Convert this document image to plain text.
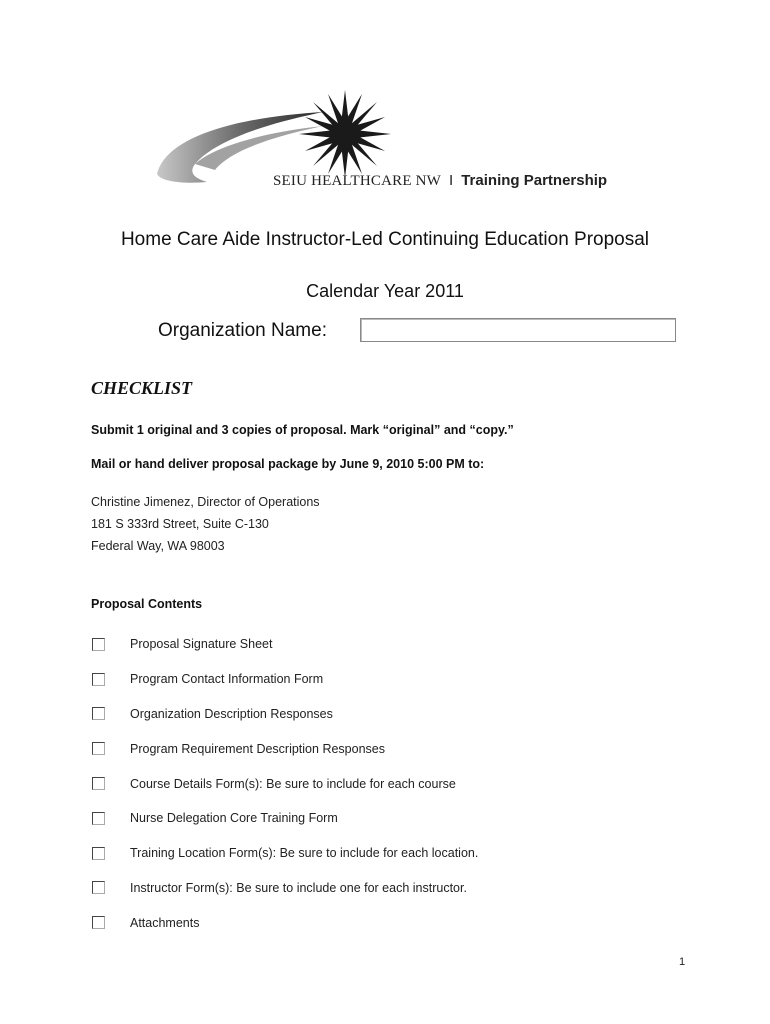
SEIU HEALTHCARE NW I Training Partnership
Home Care Aide Instructor-Led Continuing Education Proposal
Calendar Year 2011
Organization Name:
CHECKLIST
Submit 1 original and 3 copies of proposal. Mark “original” and “copy.”
Mail or hand deliver proposal package by June 9, 2010 5:00 PM to:
Christine Jimenez, Director of Operations
181 S 333rd Street, Suite C-130
Federal Way, WA 98003
Proposal Contents
Proposal Signature Sheet
Program Contact Information Form
Organization Description Responses
Program Requirement Description Responses
Course Details Form(s): Be sure to include for each course
Nurse Delegation Core Training Form
Training Location Form(s): Be sure to include for each location.
Instructor Form(s): Be sure to include one for each instructor.
Attachments
1
